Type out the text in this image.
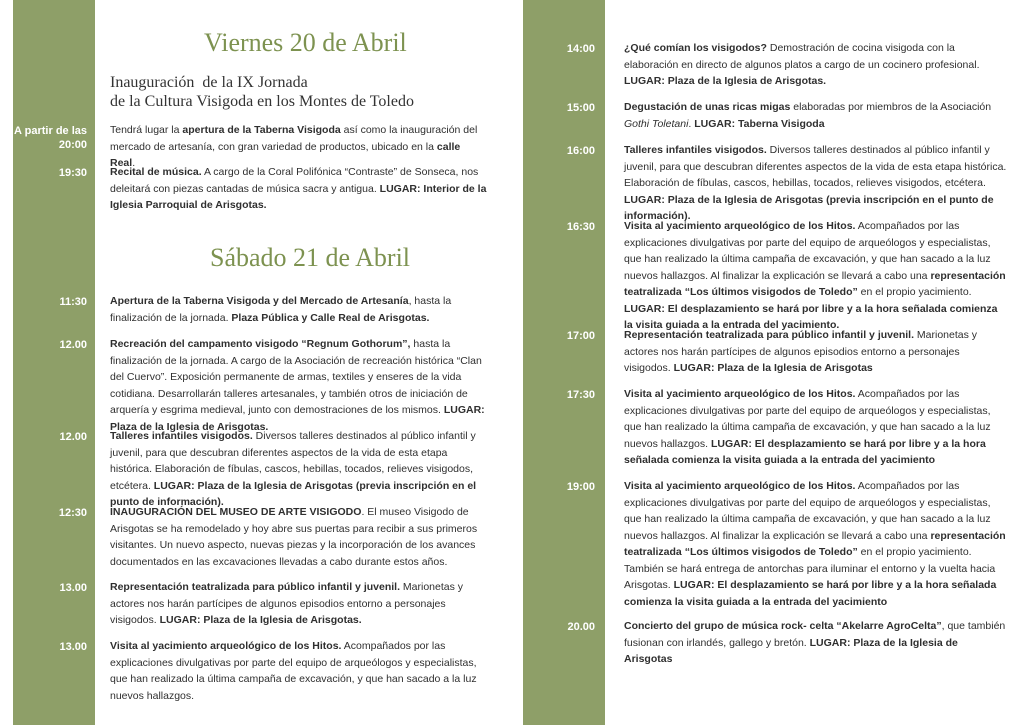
Viernes 20 de Abril
Inauguración  de la IX Jornada
de la Cultura Visigoda en los Montes de Toledo
A partir de las
20:00
19:30

Tendrá lugar la apertura de la Taberna Visigoda así como la inauguración del mercado de artesanía, con gran variedad de productos, ubicado en la calle Real.

Recital de música. A cargo de la Coral Polifónica “Contraste” de Sonseca, nos deleitará con piezas cantadas de música sacra y antigua. LUGAR: Interior de la Iglesia Parroquial de Arisgotas.

Sábado 21 de Abril
11:30
12.00
12.00
12:30
13.00
13.00

Apertura de la Taberna Visigoda y del Mercado de Artesanía, hasta la finalización de la jornada. Plaza Pública y Calle Real de Arisgotas.

Recreación del campamento visigodo “Regnum Gothorum”, hasta la finalización de la jornada. A cargo de la Asociación de recreación histórica “Clan del Cuervo”. Exposición permanente de armas, textiles y enseres de la vida cotidiana. Desarrollarán talleres artesanales, y también otros de iniciación de arquería y esgrima medieval, junto con demostraciones de los mismos. LUGAR: Plaza de la Iglesia de Arisgotas.

Talleres infantiles visigodos. Diversos talleres destinados al público infantil y juvenil, para que descubran diferentes aspectos de la vida de esta etapa histórica. Elaboración de fíbulas, cascos, hebillas, tocados, relieves visigodos, etcétera. LUGAR: Plaza de la Iglesia de Arisgotas (previa inscripción en el punto de información).

INAUGURACIÓN DEL MUSEO DE ARTE VISIGODO. El museo Visigodo de Arisgotas se ha remodelado y hoy abre sus puertas para recibir a sus primeros visitantes. Un nuevo aspecto, nuevas piezas y la incorporación de los avances documentados en las excavaciones llevadas a cabo durante estos años.

Representación teatralizada para público infantil y juvenil. Marionetas y actores nos harán partícipes de algunos episodios entorno a personajes visigodos. LUGAR: Plaza de la Iglesia de Arisgotas.

Visita al yacimiento arqueológico de los Hitos. Acompañados por las explicaciones divulgativas por parte del equipo de arqueólogos y especialistas, que han realizado la última campaña de excavación, y que han sacado a la luz nuevos hallazgos.

14:00
15:00
16:00
16:30
17:00
17:30
19:00
20.00

¿Qué comían los visigodos? Demostración de cocina visigoda con la elaboración en directo de algunos platos a cargo de un cocinero profesional. LUGAR: Plaza de la Iglesia de Arisgotas.

Degustación de unas ricas migas elaboradas por miembros de la Asociación Gothi Toletani. LUGAR: Taberna Visigoda

Talleres infantiles visigodos. Diversos talleres destinados al público infantil y juvenil, para que descubran diferentes aspectos de la vida de esta etapa histórica. Elaboración de fíbulas, cascos, hebillas, tocados, relieves visigodos, etcétera. LUGAR: Plaza de la Iglesia de Arisgotas (previa inscripción en el punto de información).

Visita al yacimiento arqueológico de los Hitos. Acompañados por las explicaciones divulgativas por parte del equipo de arqueólogos y especialistas, que han realizado la última campaña de excavación, y que han sacado a la luz nuevos hallazgos. Al finalizar la explicación se llevará a cabo una representación teatralizada “Los últimos visigodos de Toledo” en el propio yacimiento. LUGAR: El desplazamiento se hará por libre y a la hora señalada comienza la visita guiada a la entrada del yacimiento.

Representación teatralizada para público infantil y juvenil. Marionetas y actores nos harán partícipes de algunos episodios entorno a personajes visigodos. LUGAR: Plaza de la Iglesia de Arisgotas

Visita al yacimiento arqueológico de los Hitos. Acompañados por las explicaciones divulgativas por parte del equipo de arqueólogos y especialistas, que han realizado la última campaña de excavación, y que han sacado a la luz nuevos hallazgos. LUGAR: El desplazamiento se hará por libre y a la hora señalada comienza la visita guiada a la entrada del yacimiento

Visita al yacimiento arqueológico de los Hitos. Acompañados por las explicaciones divulgativas por parte del equipo de arqueólogos y especialistas, que han realizado la última campaña de excavación, y que han sacado a la luz nuevos hallazgos. Al finalizar la explicación se llevará a cabo una representación teatralizada “Los últimos visigodos de Toledo” en el propio yacimiento. También se hará entrega de antorchas para iluminar el entorno y la vuelta hacia Arisgotas. LUGAR: El desplazamiento se hará por libre y a la hora señalada comienza la visita guiada a la entrada del yacimiento

Concierto del grupo de música rock- celta “Akelarre AgroCelta”, que también fusionan con irlandés, gallego y bretón. LUGAR: Plaza de la Iglesia de Arisgotas
